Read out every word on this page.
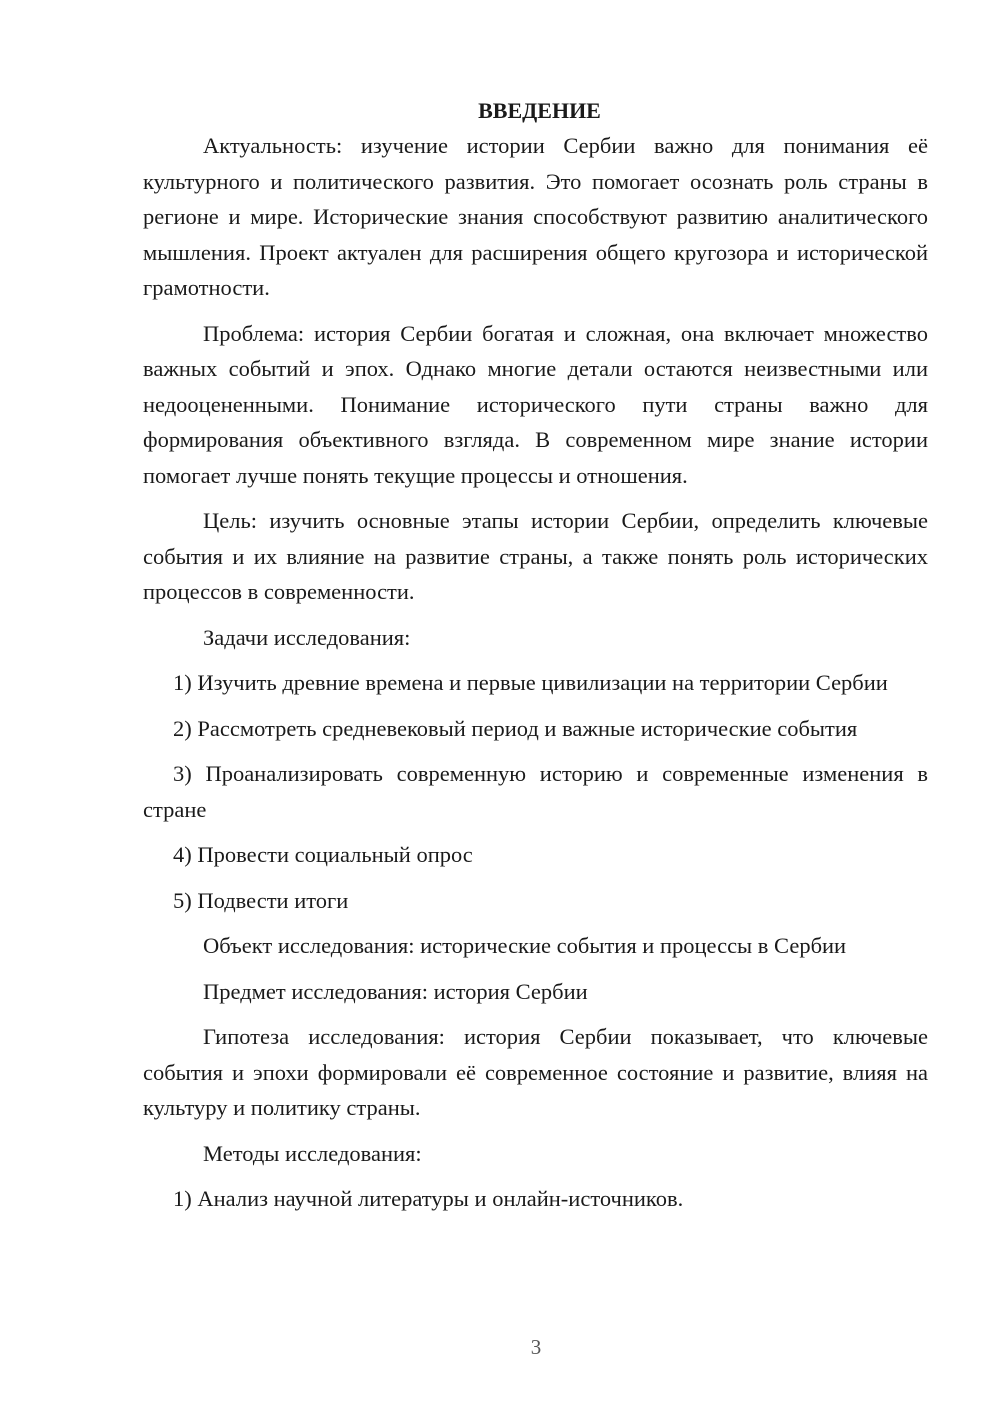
ВВЕДЕНИЕ

Актуальность: изучение истории Сербии важно для понимания её культурного и политического развития. Это помогает осознать роль страны в регионе и мире. Исторические знания способствуют развитию аналитического мышления. Проект актуален для расширения общего кругозора и исторической грамотности.

Проблема: история Сербии богатая и сложная, она включает множество важных событий и эпох. Однако многие детали остаются неизвестными или недооцененными. Понимание исторического пути страны важно для формирования объективного взгляда. В современном мире знание истории помогает лучше понять текущие процессы и отношения.

Цель: изучить основные этапы истории Сербии, определить ключевые события и их влияние на развитие страны, а также понять роль исторических процессов в современности.

Задачи исследования:

1) Изучить древние времена и первые цивилизации на территории Сербии

2) Рассмотреть средневековый период и важные исторические события

3) Проанализировать современную историю и современные изменения в стране

4) Провести социальный опрос

5) Подвести итоги

Объект исследования: исторические события и процессы в Сербии

Предмет исследования: история Сербии

Гипотеза исследования: история Сербии показывает, что ключевые события и эпохи формировали её современное состояние и развитие, влияя на культуру и политику страны.

Методы исследования:

1) Анализ научной литературы и онлайн-источников.

3
